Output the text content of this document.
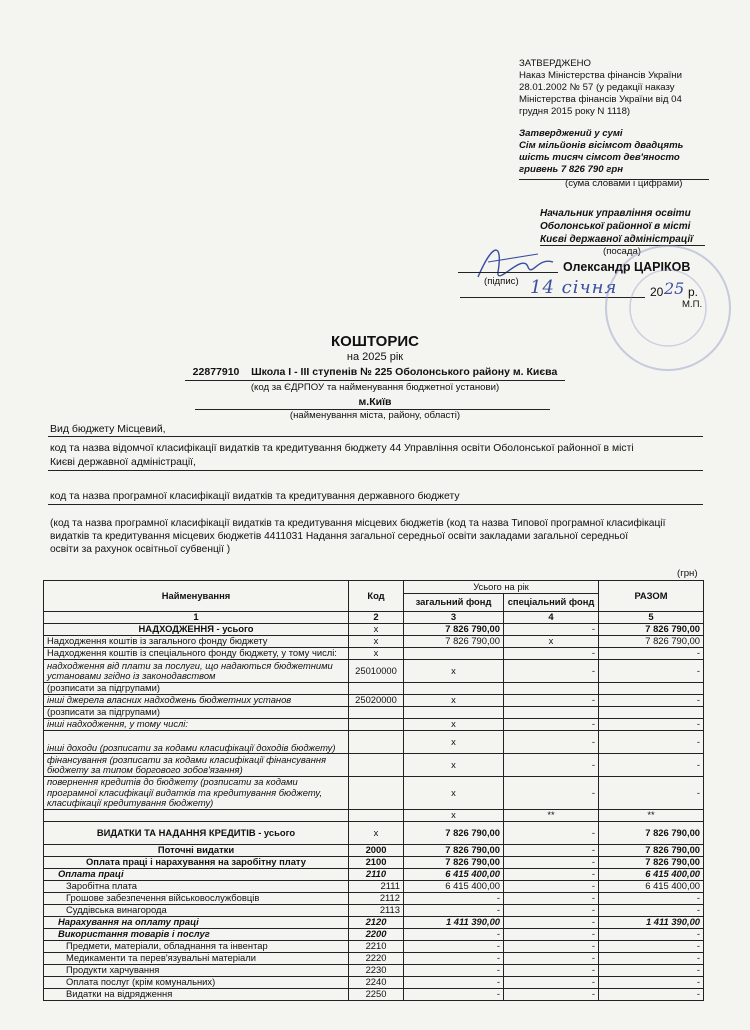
ЗАТВЕРДЖЕНО
Наказ Міністерства фінансів України
28.01.2002 № 57 (у редакції наказу
Міністерства фінансів України від 04
грудня 2015 року N 1118)
Затверджений у сумі
Сім мільйонів вісімсот двадцять
шість тисяч сімсот дев'яносто
гривень 7 826 790 грн
(сума словами і цифрами)
Начальник управління освіти
Оболонської районної в місті
Києві державної адміністрації
(посада)
Олександр ЦАРІКОВ
(підпис) 14 січня	20 25 р.
М.П.
КОШТОРИС
на 2025 рік
22877910 Школа І - ІІІ ступенів № 225 Оболонського району м. Києва
(код за ЄДРПОУ та найменування бюджетної установи)
м.Київ
(найменування міста, району, області)
Вид бюджету Місцевий,
код та назва відомчої класифікації видатків та кредитування бюджету 44 Управління освіти Оболонської районної в місті
Києві державної адміністрації,
код та назва програмної класифікації видатків та кредитування державного бюджету
(код та назва програмної класифікації видатків та кредитування місцевих бюджетів (код та назва Типової програмної класифікації
видатків та кредитування місцевих бюджетів 4411031 Надання загальної середньої освіти закладами загальної середньої
освіти за рахунок освітньої субвенції )
(грн)
Найменування	Код	Усього на рік	РАЗОМ
загальний фонд	спеціальний фонд
1	2	3	4	5
НАДХОДЖЕННЯ - усього	х	7 826 790,00	-	7 826 790,00
Надходження коштів із загального фонду бюджету	х	7 826 790,00	х	7 826 790,00
Надходження коштів із спеціального фонду бюджету, у тому числі:	х		-	-
надходження від плати за послуги, що надаються бюджетними установами згідно із законодавством	25010000	х	-	-
(розписати за підгрупами)				
інші джерела власних надходжень бюджетних установ	25020000	х	-	-
(розписати за підгрупами)				
інші надходження, у тому числі:		х	-	-
інші доходи (розписати за кодами класифікації доходів бюджету)		х	-	-
фінансування (розписати за кодами класифікації фінансування бюджету за типом боргового зобов'язання)		х	-	-
повернення кредитів до бюджету (розписати за кодами програмної класифікації видатків та кредитування бюджету, класифікації кредитування бюджету)		х	-	-
		х	**	**
ВИДАТКИ ТА НАДАННЯ КРЕДИТІВ - усього	х	7 826 790,00	-	7 826 790,00
Поточні видатки	2000	7 826 790,00	-	7 826 790,00
Оплата праці і нарахування на заробітну плату	2100	7 826 790,00	-	7 826 790,00
Оплата праці	2110	6 415 400,00	-	6 415 400,00
Заробітна плата	2111	6 415 400,00	-	6 415 400,00
Грошове забезпечення військовослужбовців	2112	-	-	-
Суддівська винагорода	2113	-	-	-
Нарахування на оплату праці	2120	1 411 390,00	-	1 411 390,00
Використання товарів і послуг	2200	-	-	-
Предмети, матеріали, обладнання та інвентар	2210	-	-	-
Медикаменти та перев'язувальні матеріали	2220	-	-	-
Продукти харчування	2230	-	-	-
Оплата послуг (крім комунальних)	2240	-	-	-
Видатки на відрядження	2250	-	-	-
